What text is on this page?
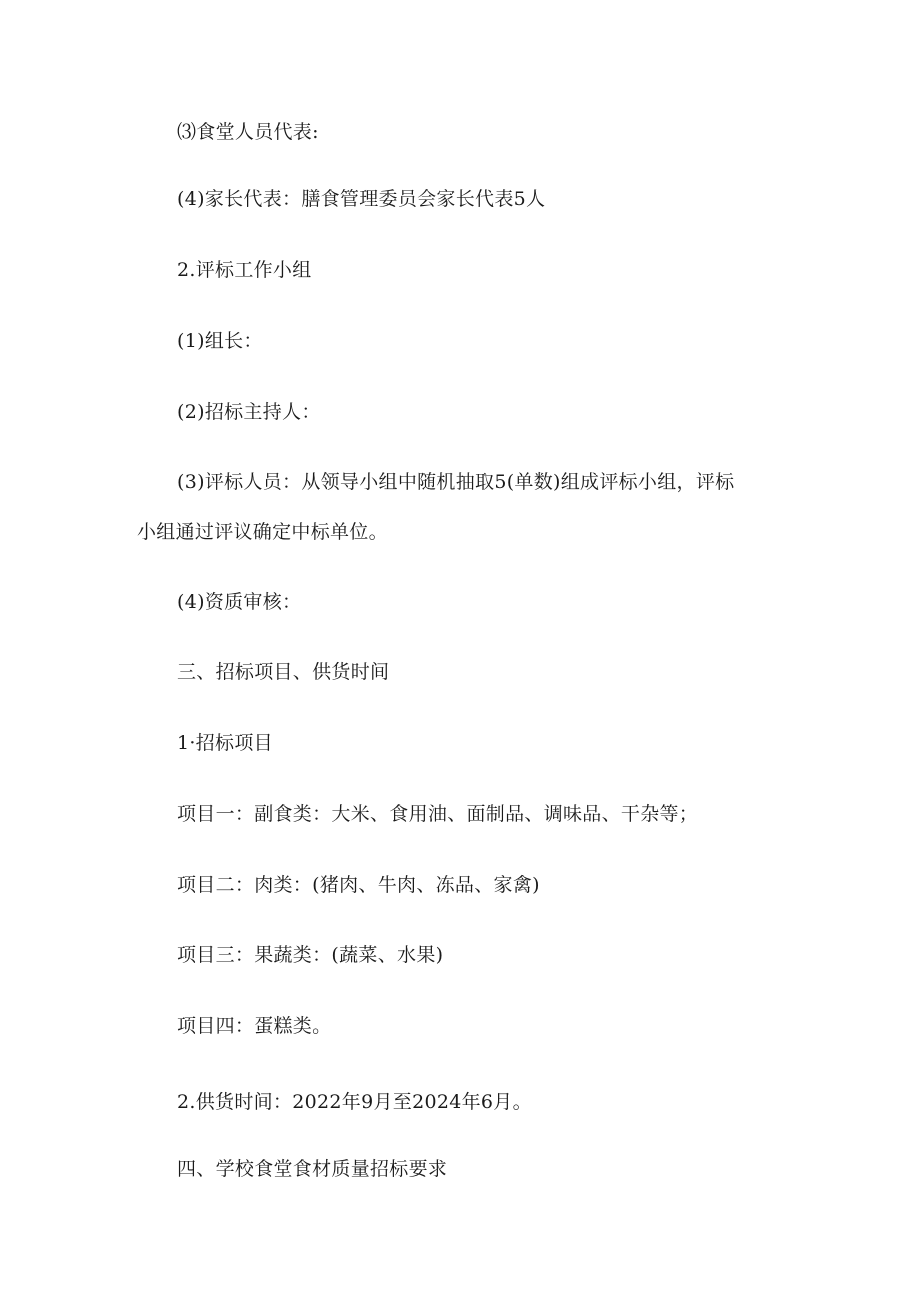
⑶食堂人员代表:
(4)家长代表：膳食管理委员会家长代表5人
2.评标工作小组
(1)组长：
(2)招标主持人：
(3)评标人员：从领导小组中随机抽取5(单数)组成评标小组，评标
小组通过评议确定中标单位。
(4)资质审核：
三、招标项目、供货时间
1·招标项目
项目一：副食类：大米、食用油、面制品、调味品、干杂等；
项目二：肉类：(猪肉、牛肉、冻品、家禽)
项目三：果蔬类：(蔬菜、水果)
项目四：蛋糕类。
2.供货时间：2022年9月至2024年6月。
四、学校食堂食材质量招标要求
